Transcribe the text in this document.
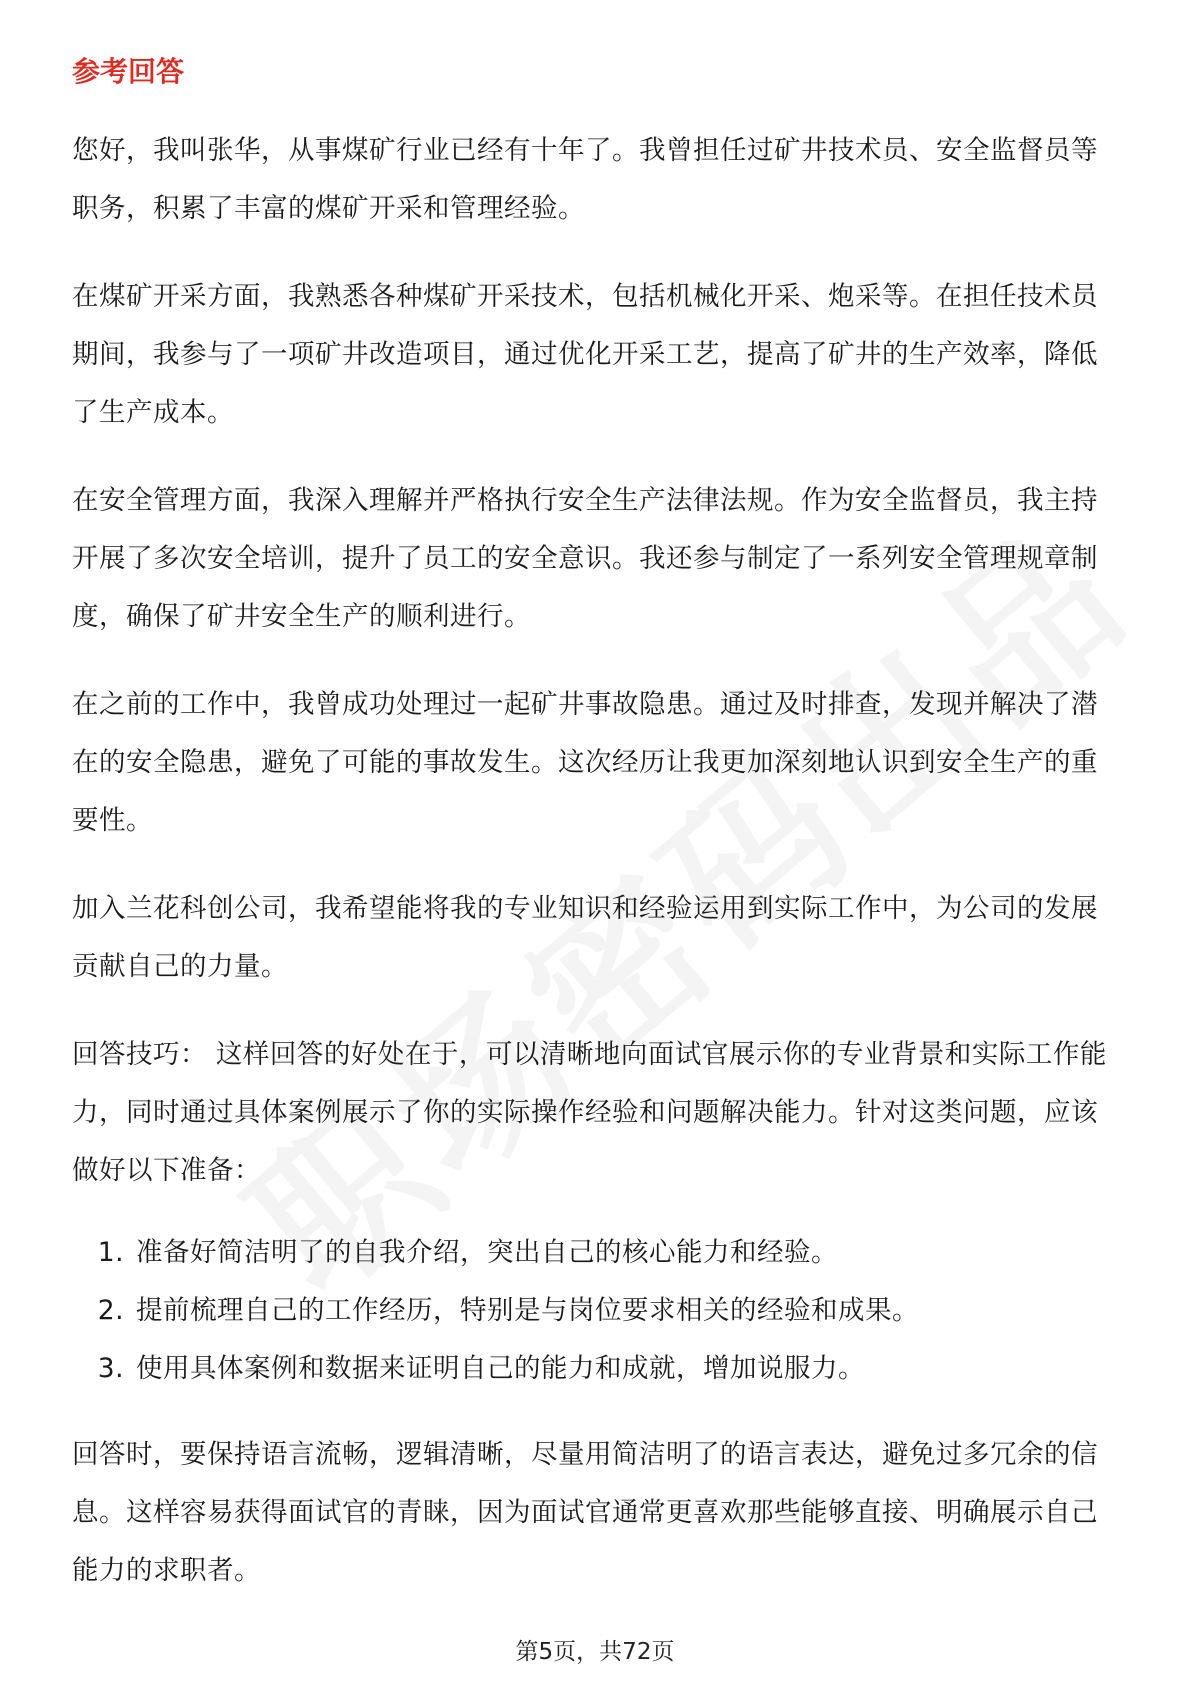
参考回答

您好，我叫张华，从事煤矿行业已经有十年了。我曾担任过矿井技术员、安全监督员等职务，积累了丰富的煤矿开采和管理经验。

在煤矿开采方面，我熟悉各种煤矿开采技术，包括机械化开采、炮采等。在担任技术员期间，我参与了一项矿井改造项目，通过优化开采工艺，提高了矿井的生产效率，降低了生产成本。

在安全管理方面，我深入理解并严格执行安全生产法律法规。作为安全监督员，我主持开展了多次安全培训，提升了员工的安全意识。我还参与制定了一系列安全管理规章制度，确保了矿井安全生产的顺利进行。

在之前的工作中，我曾成功处理过一起矿井事故隐患。通过及时排查，发现并解决了潜在的安全隐患，避免了可能的事故发生。这次经历让我更加深刻地认识到安全生产的重要性。

加入兰花科创公司，我希望能将我的专业知识和经验运用到实际工作中，为公司的发展贡献自己的力量。

回答技巧： 这样回答的好处在于，可以清晰地向面试官展示你的专业背景和实际工作能力，同时通过具体案例展示了你的实际操作经验和问题解决能力。针对这类问题，应该做好以下准备：

1. 准备好简洁明了的自我介绍，突出自己的核心能力和经验。
2. 提前梳理自己的工作经历，特别是与岗位要求相关的经验和成果。
3. 使用具体案例和数据来证明自己的能力和成就，增加说服力。

回答时，要保持语言流畅，逻辑清晰，尽量用简洁明了的语言表达，避免过多冗余的信息。这样容易获得面试官的青睐，因为面试官通常更喜欢那些能够直接、明确展示自己能力的求职者。

第5页，共72页
